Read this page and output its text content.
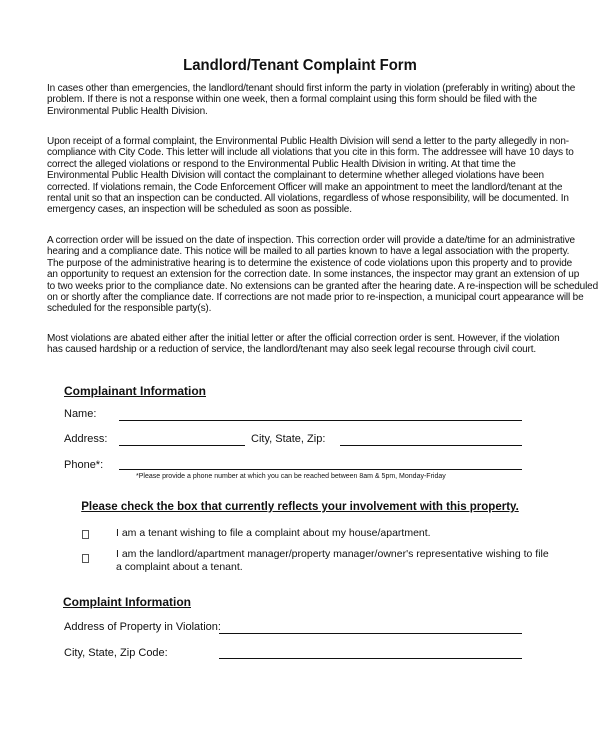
Landlord/Tenant Complaint Form

In cases other than emergencies, the landlord/tenant should first inform the party in violation (preferably in writing) about the
problem. If there is not a response within one week, then a formal complaint using this form should be filed with the
Environmental Public Health Division.

Upon receipt of a formal complaint, the Environmental Public Health Division will send a letter to the party allegedly in non-
compliance with City Code. This letter will include all violations that you cite in this form. The addressee will have 10 days to
correct the alleged violations or respond to the Environmental Public Health Division in writing. At that time the
Environmental Public Health Division will contact the complainant to determine whether alleged violations have been
corrected. If violations remain, the Code Enforcement Officer will make an appointment to meet the landlord/tenant at the
rental unit so that an inspection can be conducted. All violations, regardless of whose responsibility, will be documented. In
emergency cases, an inspection will be scheduled as soon as possible.

A correction order will be issued on the date of inspection. This correction order will provide a date/time for an administrative
hearing and a compliance date. This notice will be mailed to all parties known to have a legal association with the property.
The purpose of the administrative hearing is to determine the existence of code violations upon this property and to provide
an opportunity to request an extension for the correction date. In some instances, the inspector may grant an extension of up
to two weeks prior to the compliance date. No extensions can be granted after the hearing date. A re-inspection will be scheduled
on or shortly after the compliance date. If corrections are not made prior to re-inspection, a municipal court appearance will be
scheduled for the responsible party(s).

Most violations are abated either after the initial letter or after the official correction order is sent. However, if the violation
has caused hardship or a reduction of service, the landlord/tenant may also seek legal recourse through civil court.

Complainant Information
Name:
Address:	City, State, Zip:
Phone*:
*Please provide a phone number at which you can be reached between 8am & 5pm, Monday-Friday
Please check the box that currently reflects your involvement with this property.
I am a tenant wishing to file a complaint about my house/apartment.
I am the landlord/apartment manager/property manager/owner's representative wishing to file
a complaint about a tenant.
Complaint Information
Address of Property in Violation:
City, State, Zip Code:
